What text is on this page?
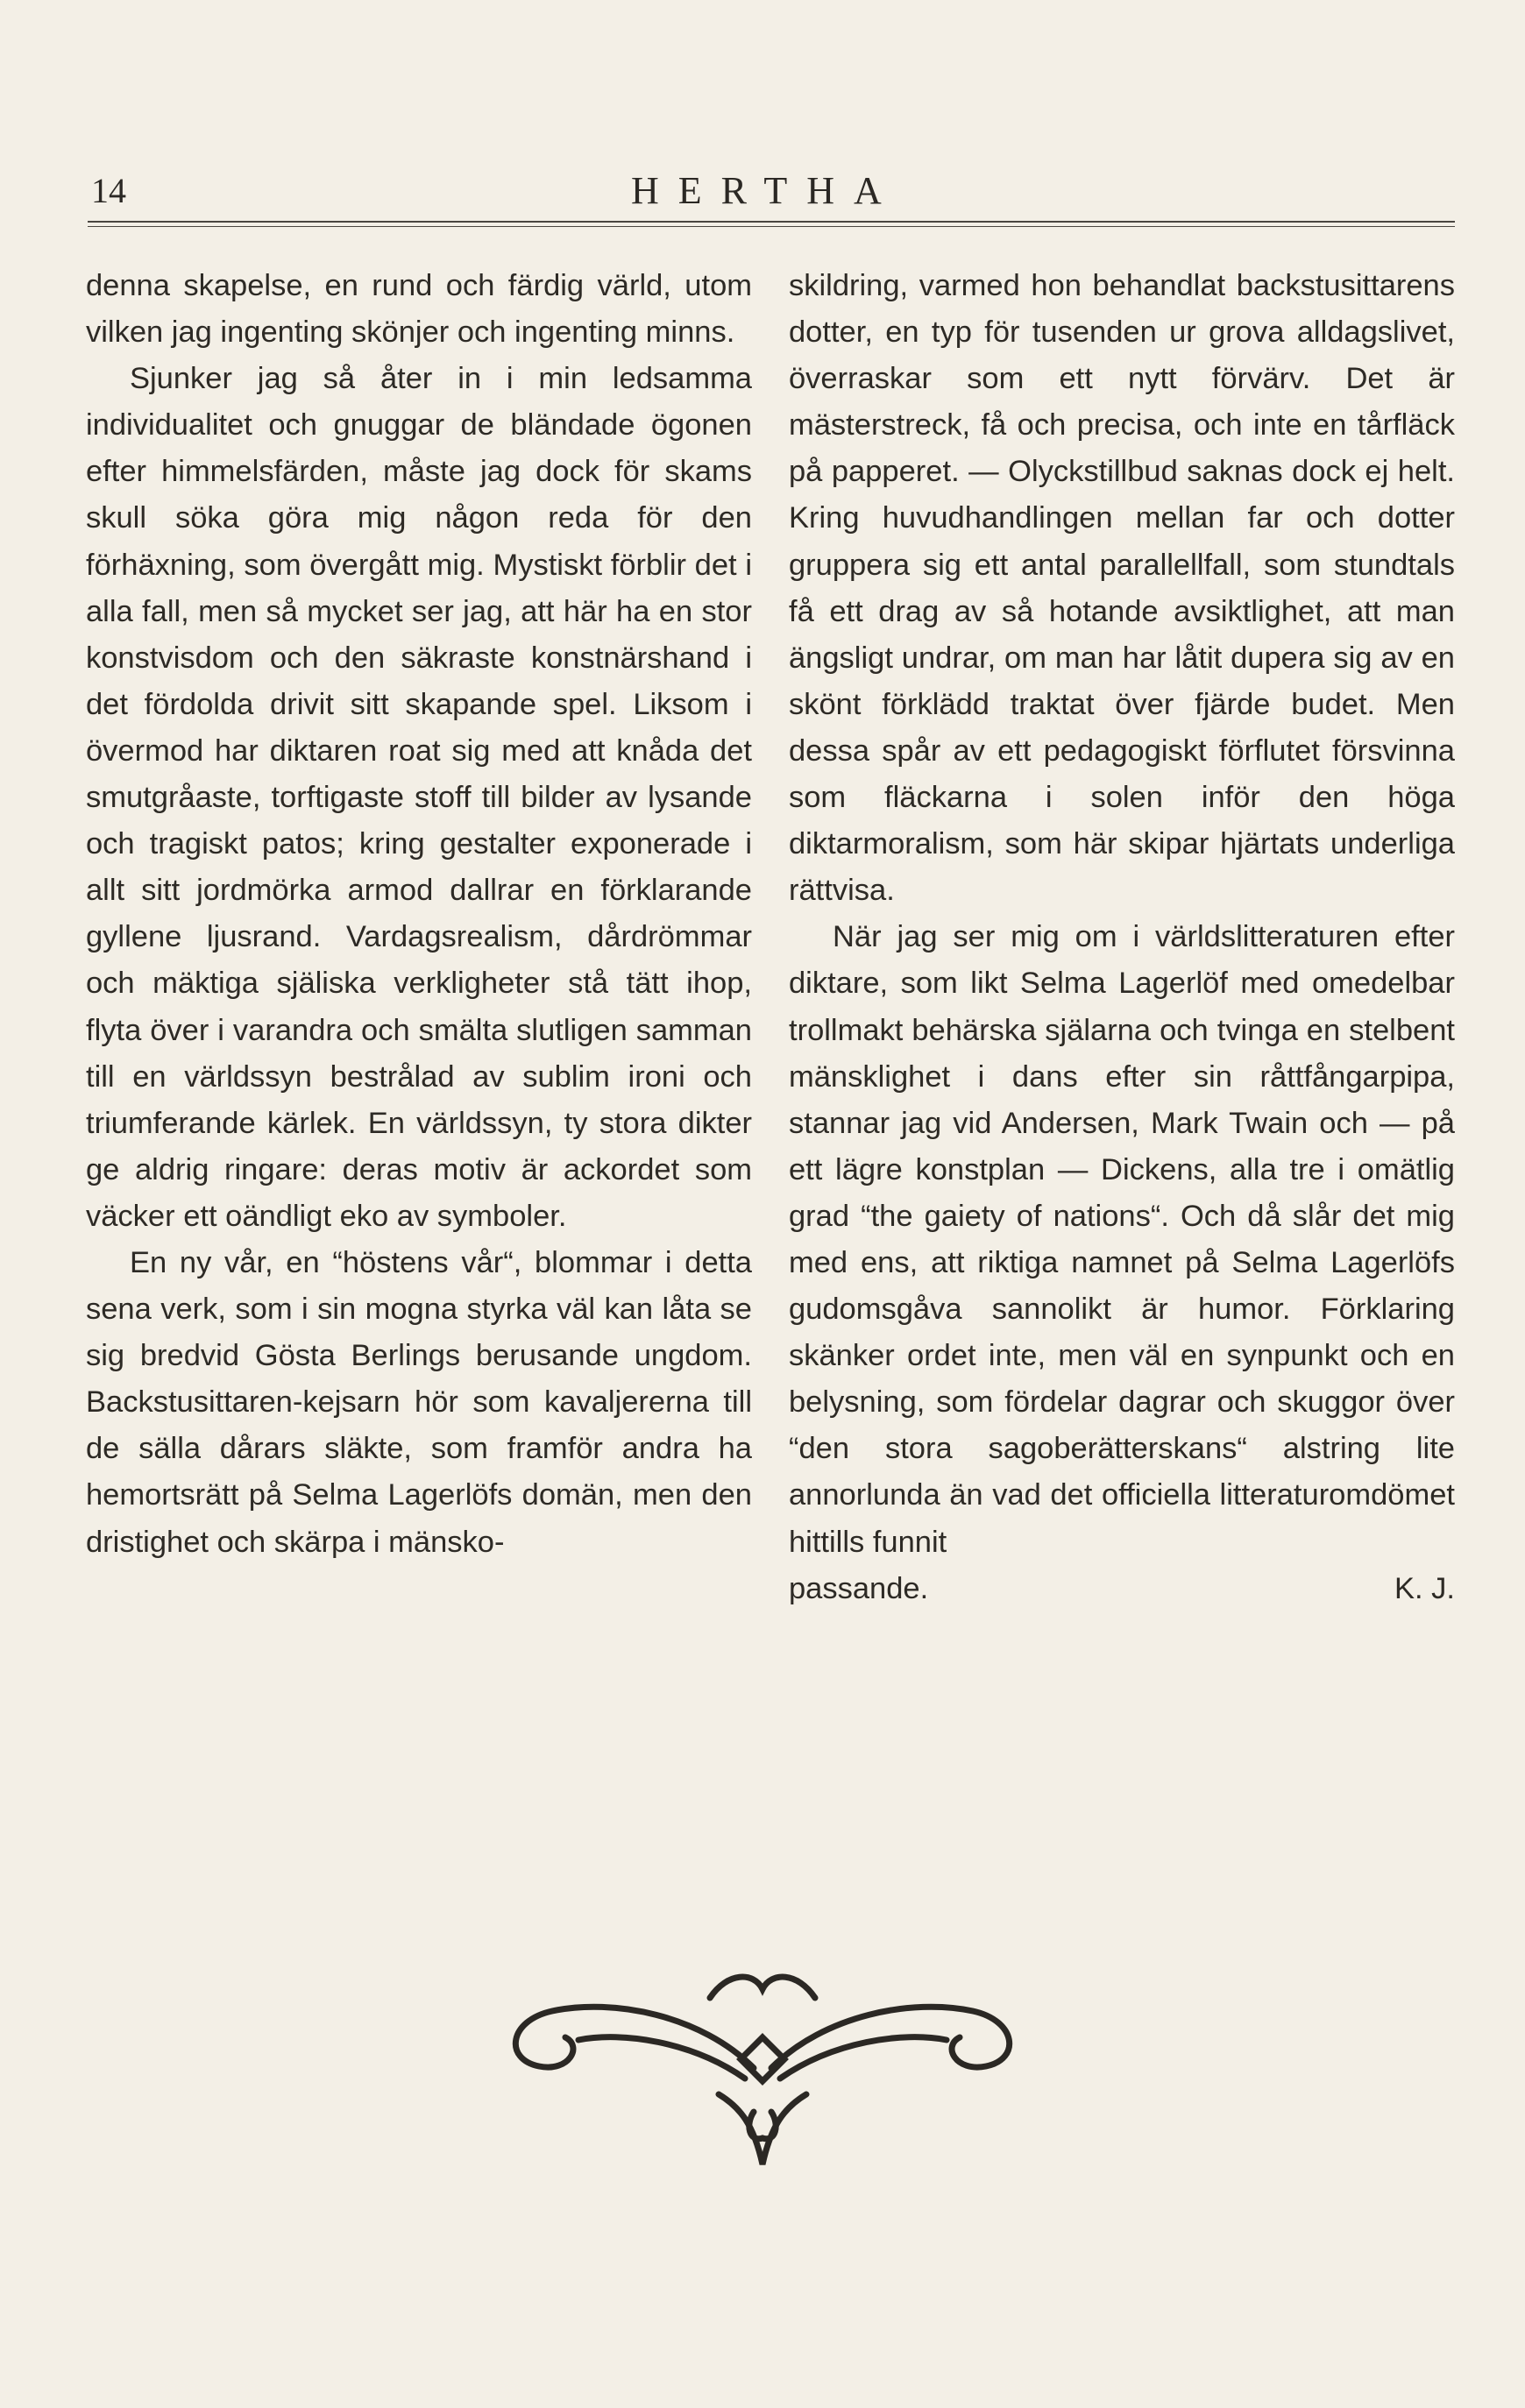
14	HERTHA

denna skapelse, en rund och färdig värld, utom vilken jag ingenting skönjer och ingenting minns.

Sjunker jag så åter in i min ledsamma individualitet och gnuggar de bländade ögonen efter himmelsfärden, måste jag dock för skams skull söka göra mig någon reda för den förhäxning, som övergått mig. Mystiskt förblir det i alla fall, men så mycket ser jag, att här ha en stor konstvisdom och den säkraste konstnärshand i det fördolda drivit sitt skapande spel. Liksom i övermod har diktaren roat sig med att knåda det smutgråaste, torftigaste stoff till bilder av lysande och tragiskt patos; kring gestalter exponerade i allt sitt jordmörka armod dallrar en förklarande gyllene ljusrand. Vardagsrealism, dårdrömmar och mäktiga själiska verkligheter stå tätt ihop, flyta över i varandra och smälta slutligen samman till en världssyn bestrålad av sublim ironi och triumferande kärlek. En världssyn, ty stora dikter ge aldrig ringare: deras motiv är ackordet som väcker ett oändligt eko av symboler.

En ny vår, en “höstens vår“, blommar i detta sena verk, som i sin mogna styrka väl kan låta se sig bredvid Gösta Berlings berusande ungdom. Backstusittaren-kejsarn hör som kavaljererna till de sälla dårars släkte, som framför andra ha hemortsrätt på Selma Lagerlöfs domän, men den dristighet och skärpa i mänsko-

skildring, varmed hon behandlat backstusittarens dotter, en typ för tusenden ur grova alldagslivet, överraskar som ett nytt förvärv. Det är mästerstreck, få och precisa, och inte en tårfläck på papperet. — Olyckstillbud saknas dock ej helt. Kring huvudhandlingen mellan far och dotter gruppera sig ett antal parallellfall, som stundtals få ett drag av så hotande avsiktlighet, att man ängsligt undrar, om man har låtit dupera sig av en skönt förklädd traktat över fjärde budet. Men dessa spår av ett pedagogiskt förflutet försvinna som fläckarna i solen inför den höga diktarmoralism, som här skipar hjärtats underliga rättvisa.

När jag ser mig om i världslitteraturen efter diktare, som likt Selma Lagerlöf med omedelbar trollmakt behärska själarna och tvinga en stelbent mänsklighet i dans efter sin råttfångarpipa, stannar jag vid Andersen, Mark Twain och — på ett lägre konstplan — Dickens, alla tre i omätlig grad “the gaiety of nations“. Och då slår det mig med ens, att riktiga namnet på Selma Lagerlöfs gudomsgåva sannolikt är humor. Förklaring skänker ordet inte, men väl en synpunkt och en belysning, som fördelar dagrar och skuggor över “den stora sagoberätterskans“ alstring lite annorlunda än vad det officiella litteraturomdömet hittills funnit

passande.	K. J.
